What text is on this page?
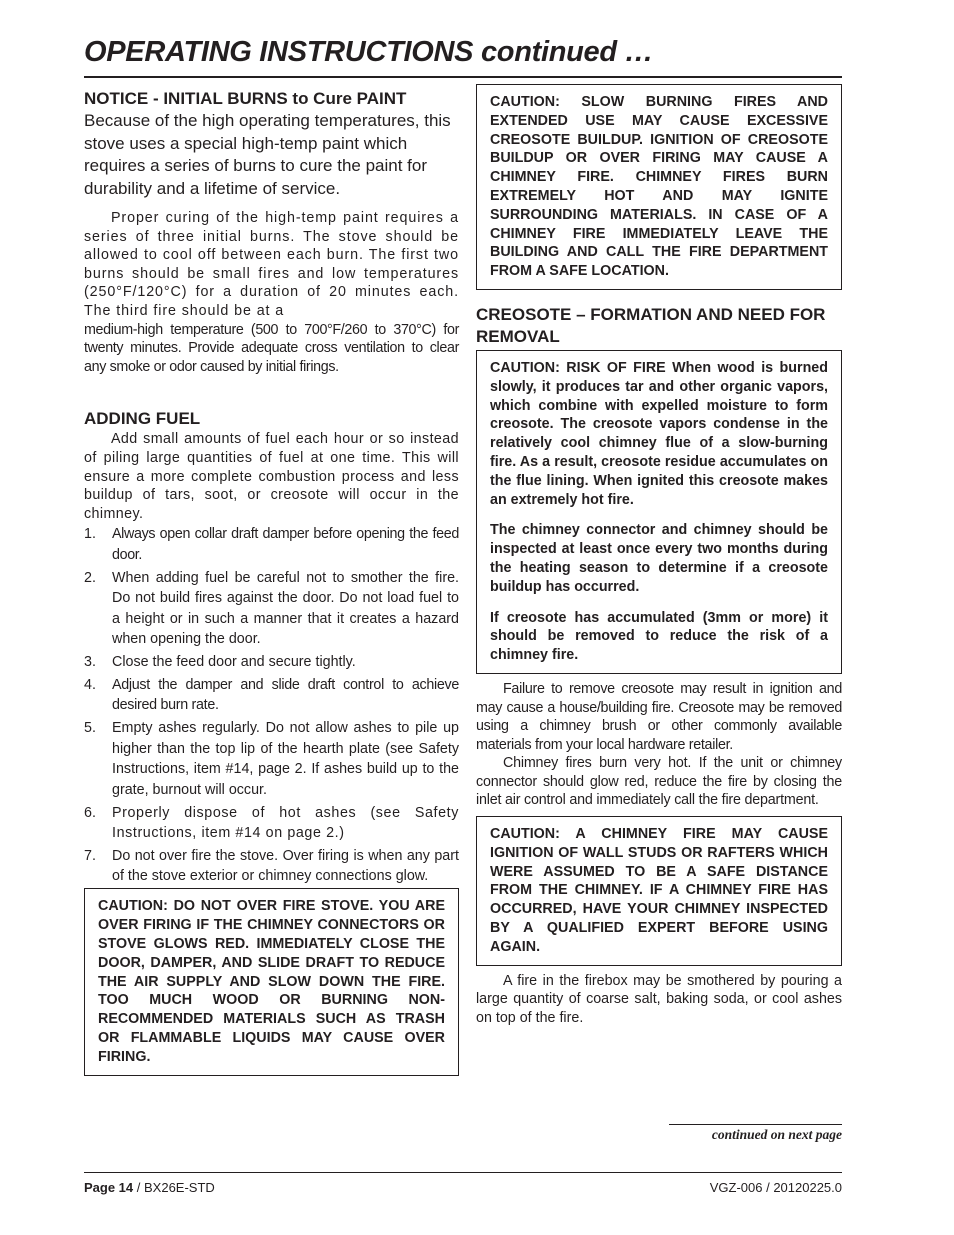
OPERATING INSTRUCTIONS continued …

NOTICE - INITIAL BURNS to Cure PAINT

Because of the high operating temperatures, this stove uses a special high-temp paint which requires a series of burns to cure the paint for durability and a lifetime of service.

Proper curing of the high-temp paint requires a series of three initial burns. The stove should be allowed to cool off between each burn. The first two burns should be small fires and low temperatures (250°F/120°C) for a duration of 20 minutes each. The third fire should be at a

medium-high temperature (500 to 700°F/260 to 370°C) for twenty minutes. Provide adequate cross ventilation to clear any smoke or odor caused by initial firings.

ADDING FUEL

Add small amounts of fuel each hour or so instead of piling large quantities of fuel at one time. This will ensure a more complete combustion process and less buildup of tars, soot, or creosote will occur in the chimney.

1. Always open collar draft damper before opening the feed door.
2. When adding fuel be careful not to smother the fire. Do not build fires against the door. Do not load fuel to a height or in such a manner that it creates a hazard when opening the door.
3. Close the feed door and secure tightly.
4. Adjust the damper and slide draft control to achieve desired burn rate.
5. Empty ashes regularly. Do not allow ashes to pile up higher than the top lip of the hearth plate (see Safety Instructions, item #14, page 2. If ashes build up to the grate, burnout will occur.
6. Properly dispose of hot ashes (see Safety Instructions, item #14 on page 2.)
7. Do not over fire the stove. Over firing is when any part of the stove exterior or chimney connections glow.

CAUTION: DO NOT OVER FIRE STOVE. YOU ARE OVER FIRING IF THE CHIMNEY CONNECTORS OR STOVE GLOWS RED. IMMEDIATELY CLOSE THE DOOR, DAMPER, AND SLIDE DRAFT TO REDUCE THE AIR SUPPLY AND SLOW DOWN THE FIRE. TOO MUCH WOOD OR BURNING NON-RECOMMENDED MATERIALS SUCH AS TRASH OR FLAMMABLE LIQUIDS MAY CAUSE OVER FIRING.

CAUTION: SLOW BURNING FIRES AND EXTENDED USE MAY CAUSE EXCESSIVE CREOSOTE BUILDUP. IGNITION OF CREOSOTE BUILDUP OR OVER FIRING MAY CAUSE A CHIMNEY FIRE. CHIMNEY FIRES BURN EXTREMELY HOT AND MAY IGNITE SURROUNDING MATERIALS. IN CASE OF A CHIMNEY FIRE IMMEDIATELY LEAVE THE BUILDING AND CALL THE FIRE DEPARTMENT FROM A SAFE LOCATION.

CREOSOTE – FORMATION AND NEED FOR REMOVAL

CAUTION: RISK OF FIRE When wood is burned slowly, it produces tar and other organic vapors, which combine with expelled moisture to form creosote. The creosote vapors condense in the relatively cool chimney flue of a slow-burning fire. As a result, creosote residue accumulates on the flue lining. When ignited this creosote makes an extremely hot fire.

The chimney connector and chimney should be inspected at least once every two months during the heating season to determine if a creosote buildup has occurred.

If creosote has accumulated (3mm or more) it should be removed to reduce the risk of a chimney fire.

Failure to remove creosote may result in ignition and may cause a house/building fire. Creosote may be removed using a chimney brush or other commonly available materials from your local hardware retailer.

Chimney fires burn very hot. If the unit or chimney connector should glow red, reduce the fire by closing the inlet air control and immediately call the fire department.

CAUTION: A CHIMNEY FIRE MAY CAUSE IGNITION OF WALL STUDS OR RAFTERS WHICH WERE ASSUMED TO BE A SAFE DISTANCE FROM THE CHIMNEY. IF A CHIMNEY FIRE HAS OCCURRED, HAVE YOUR CHIMNEY INSPECTED BY A QUALIFIED EXPERT BEFORE USING AGAIN.

A fire in the firebox may be smothered by pouring a large quantity of coarse salt, baking soda, or cool ashes on top of the fire.

continued on next page
Page 14 / BX26E-STD	VGZ-006 / 20120225.0
